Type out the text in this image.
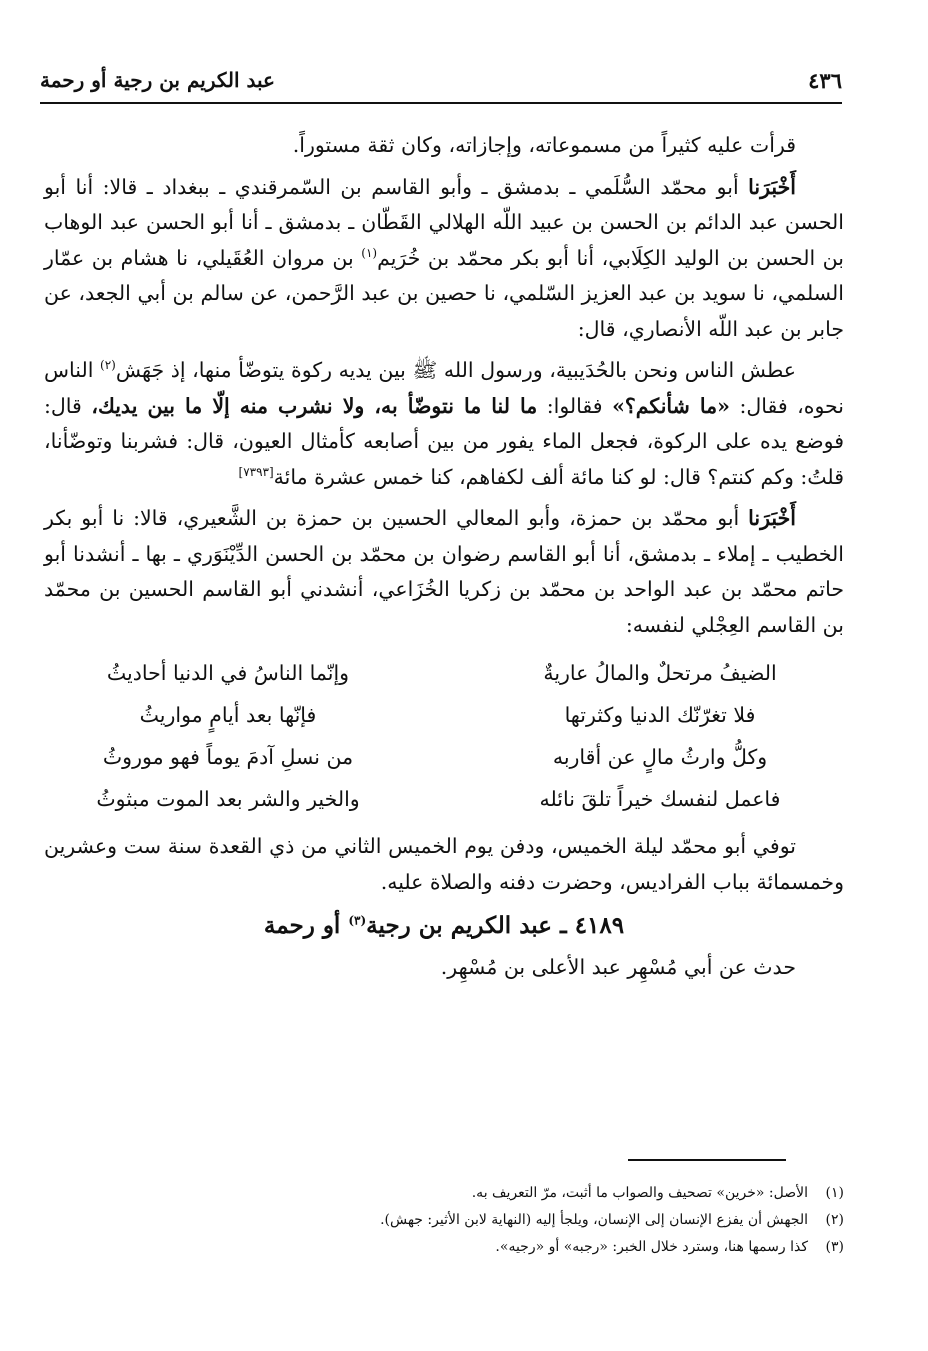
٤٣٦
عبد الكريم بن رجية أو رحمة

قرأت عليه كثيراً من مسموعاته، وإجازاته، وكان ثقة مستوراً.

أَخْبَرَنا أبو محمّد السُّلَمي ـ بدمشق ـ وأبو القاسم بن السّمرقندي ـ ببغداد ـ قالا: أنا أبو الحسن عبد الدائم بن الحسن بن عبيد اللّه الهلالي القَطّان ـ بدمشق ـ أنا أبو الحسن عبد الوهاب بن الحسن بن الوليد الكِلَابي، أنا أبو بكر محمّد بن خُرَيم$^{(١)}$ بن مروان العُقَيلي، نا هشام بن عمّار السلمي، نا سويد بن عبد العزيز السّلمي، نا حصين بن عبد الرَّحمن، عن سالم بن أبي الجعد، عن جابر بن عبد اللّه الأنصاري، قال:

عطش الناس ونحن بالحُدَيبية، ورسول الله ﷺ بين يديه ركوة يتوضّأ منها، إذ جَهَش$^{(٢)}$ الناس نحوه، فقال: «ما شأنكم؟» فقالوا: ما لنا ما نتوضّأ به، ولا نشرب منه إلّا ما بين يديك، قال: فوضع يده على الركوة، فجعل الماء يفور من بين أصابعه كأمثال العيون، قال: فشربنا وتوضّأنا، قلتُ: وكم كنتم؟ قال: لو كنا مائة ألف لكفاهم، كنا خمس عشرة مائة[٧٣٩٣]

أَخْبَرَنا أبو محمّد بن حمزة، وأبو المعالي الحسين بن حمزة بن الشَّعيري، قالا: نا أبو بكر الخطيب ـ إملاء ـ بدمشق، أنا أبو القاسم رضوان بن محمّد بن الحسن الدِّيْنَوَري ـ بها ـ أنشدنا أبو حاتم محمّد بن عبد الواحد بن محمّد بن زكريا الخُزَاعي، أنشدني أبو القاسم الحسين بن محمّد بن القاسم العِجْلي لنفسه:

الضيفُ مرتحلٌ والمالُ عاريةٌ
وإنّما الناسُ في الدنيا أحاديثُ
فلا تغرّنّك الدنيا وكثرتها
فإنّها بعد أيامٍ مواريثُ
وكلُّ وارثُ مالٍ عن أقاربه
من نسلِ آدمَ يوماً فهو موروثُ
فاعمل لنفسك خيراً تلقَ نائله
والخير والشر بعد الموت مبثوثُ

توفي أبو محمّد ليلة الخميس، ودفن يوم الخميس الثاني من ذي القعدة سنة ست وعشرين وخمسمائة بباب الفراديس، وحضرت دفنه والصلاة عليه.

٤١٨٩ ـ عبد الكريم بن رجية$^{(٣)}$ أو رحمة

حدث عن أبي مُسْهِر عبد الأعلى بن مُسْهِر.

(١)
الأصل: «خرين» تصحيف والصواب ما أثبت، مرّ التعريف به.
(٢)
الجهش أن يفزع الإنسان إلى الإنسان، ويلجأ إليه (النهاية لابن الأثير: جهش).
(٣)
كذا رسمها هنا، وسترد خلال الخبر: «رجبه» أو «رجيه».
